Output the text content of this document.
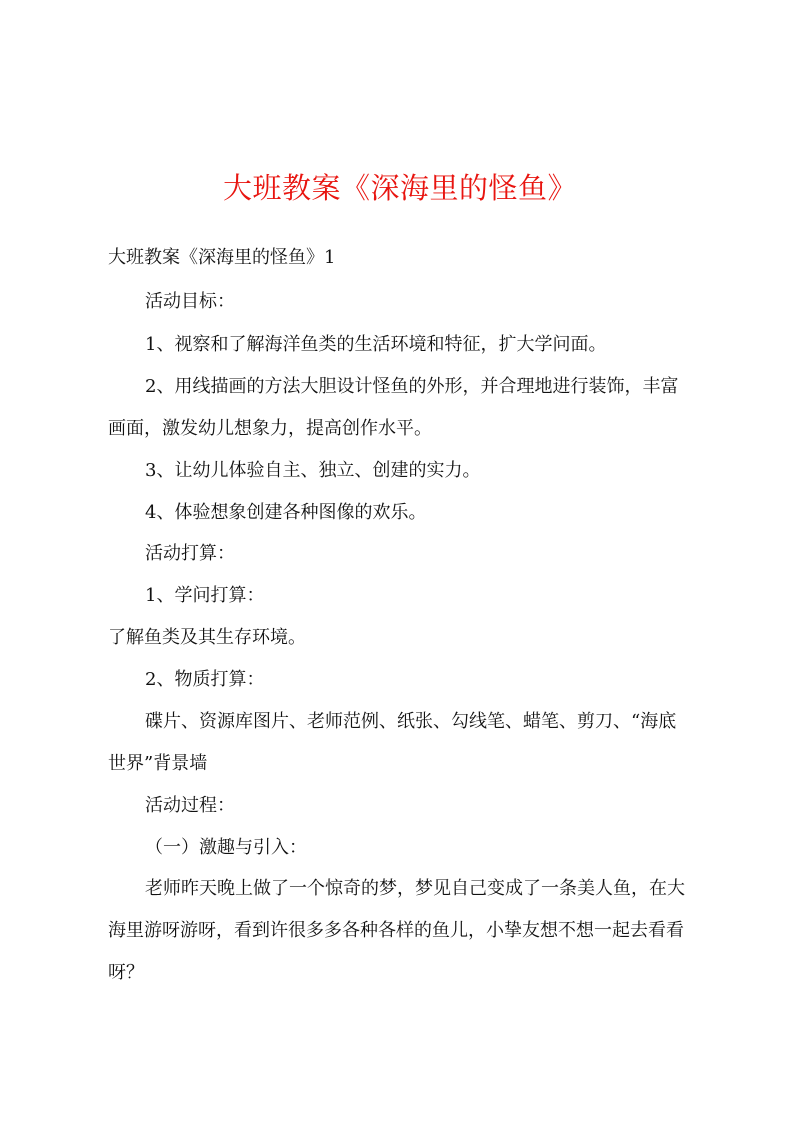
大班教案《深海里的怪鱼》
大班教案《深海里的怪鱼》1
活动目标：
1、视察和了解海洋鱼类的生活环境和特征，扩大学问面。
2、用线描画的方法大胆设计怪鱼的外形，并合理地进行装饰，丰富
画面，激发幼儿想象力，提高创作水平。
3、让幼儿体验自主、独立、创建的实力。
4、体验想象创建各种图像的欢乐。
活动打算：
1、学问打算：
了解鱼类及其生存环境。
2、物质打算：
碟片、资源库图片、老师范例、纸张、勾线笔、蜡笔、剪刀、“海底
世界”背景墙
活动过程：
（一）激趣与引入：
老师昨天晚上做了一个惊奇的梦，梦见自己变成了一条美人鱼，在大
海里游呀游呀，看到许很多多各种各样的鱼儿，小挚友想不想一起去看看
呀？
